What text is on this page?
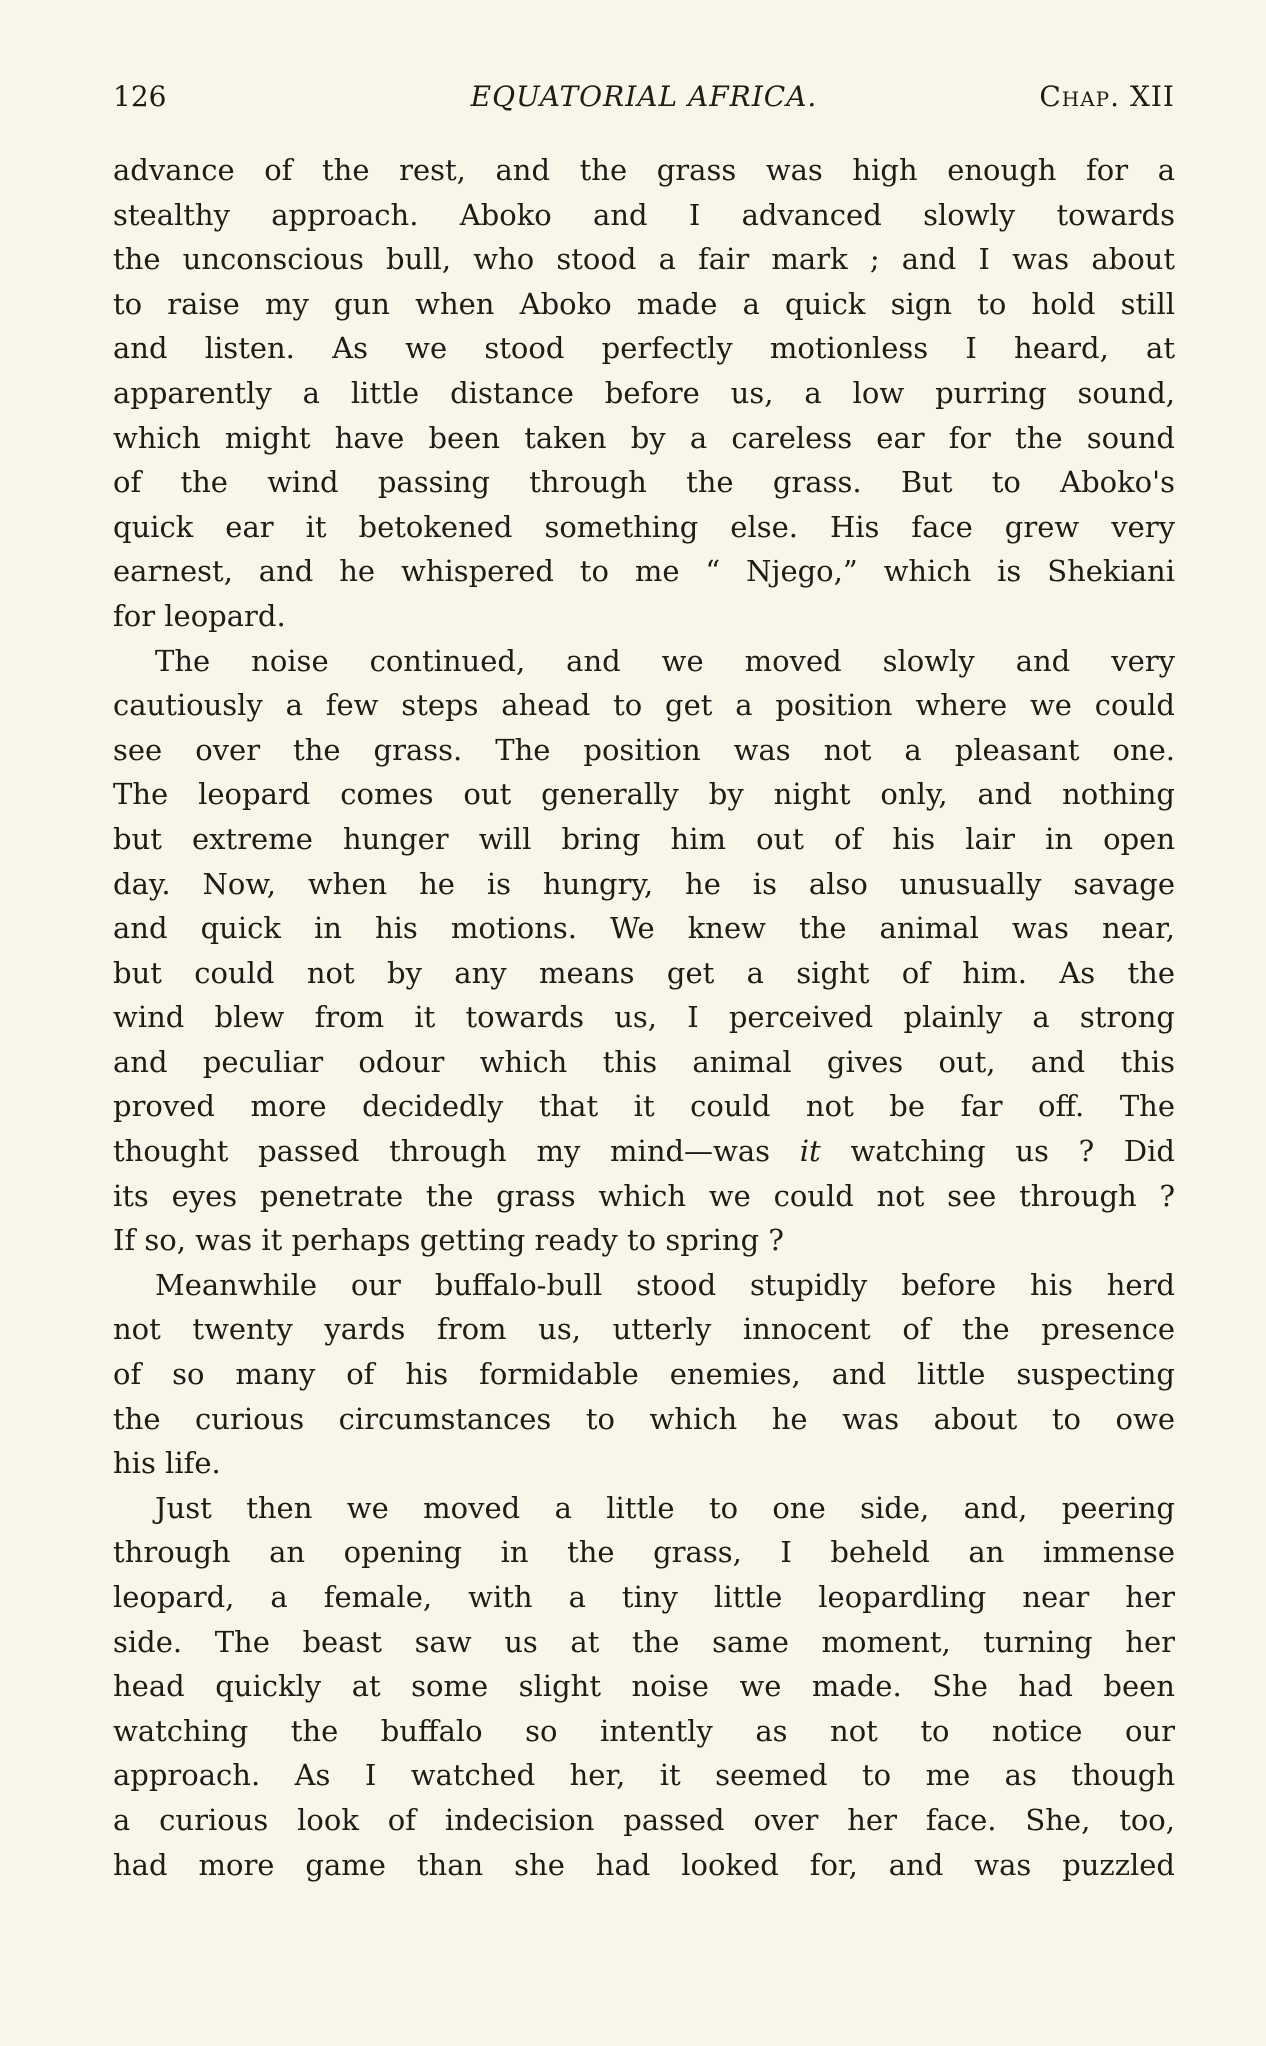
126	EQUATORIAL AFRICA.	Chap. XII
advance of the rest, and the grass was high enough for a
stealthy approach. Aboko and I advanced slowly towards
the unconscious bull, who stood a fair mark ; and I was about
to raise my gun when Aboko made a quick sign to hold still
and listen. As we stood perfectly motionless I heard, at
apparently a little distance before us, a low purring sound,
which might have been taken by a careless ear for the sound
of the wind passing through the grass. But to Aboko's
quick ear it betokened something else. His face grew very
earnest, and he whispered to me “ Njego,” which is Shekiani
for leopard.
The noise continued, and we moved slowly and very
cautiously a few steps ahead to get a position where we could
see over the grass. The position was not a pleasant one.
The leopard comes out generally by night only, and nothing
but extreme hunger will bring him out of his lair in open
day. Now, when he is hungry, he is also unusually savage
and quick in his motions. We knew the animal was near,
but could not by any means get a sight of him. As the
wind blew from it towards us, I perceived plainly a strong
and peculiar odour which this animal gives out, and this
proved more decidedly that it could not be far off. The
thought passed through my mind—was it watching us ? Did
its eyes penetrate the grass which we could not see through ?
If so, was it perhaps getting ready to spring ?
Meanwhile our buffalo-bull stood stupidly before his herd
not twenty yards from us, utterly innocent of the presence
of so many of his formidable enemies, and little suspecting
the curious circumstances to which he was about to owe
his life.
Just then we moved a little to one side, and, peering
through an opening in the grass, I beheld an immense
leopard, a female, with a tiny little leopardling near her
side. The beast saw us at the same moment, turning her
head quickly at some slight noise we made. She had been
watching the buffalo so intently as not to notice our
approach. As I watched her, it seemed to me as though
a curious look of indecision passed over her face. She, too,
had more game than she had looked for, and was puzzled
